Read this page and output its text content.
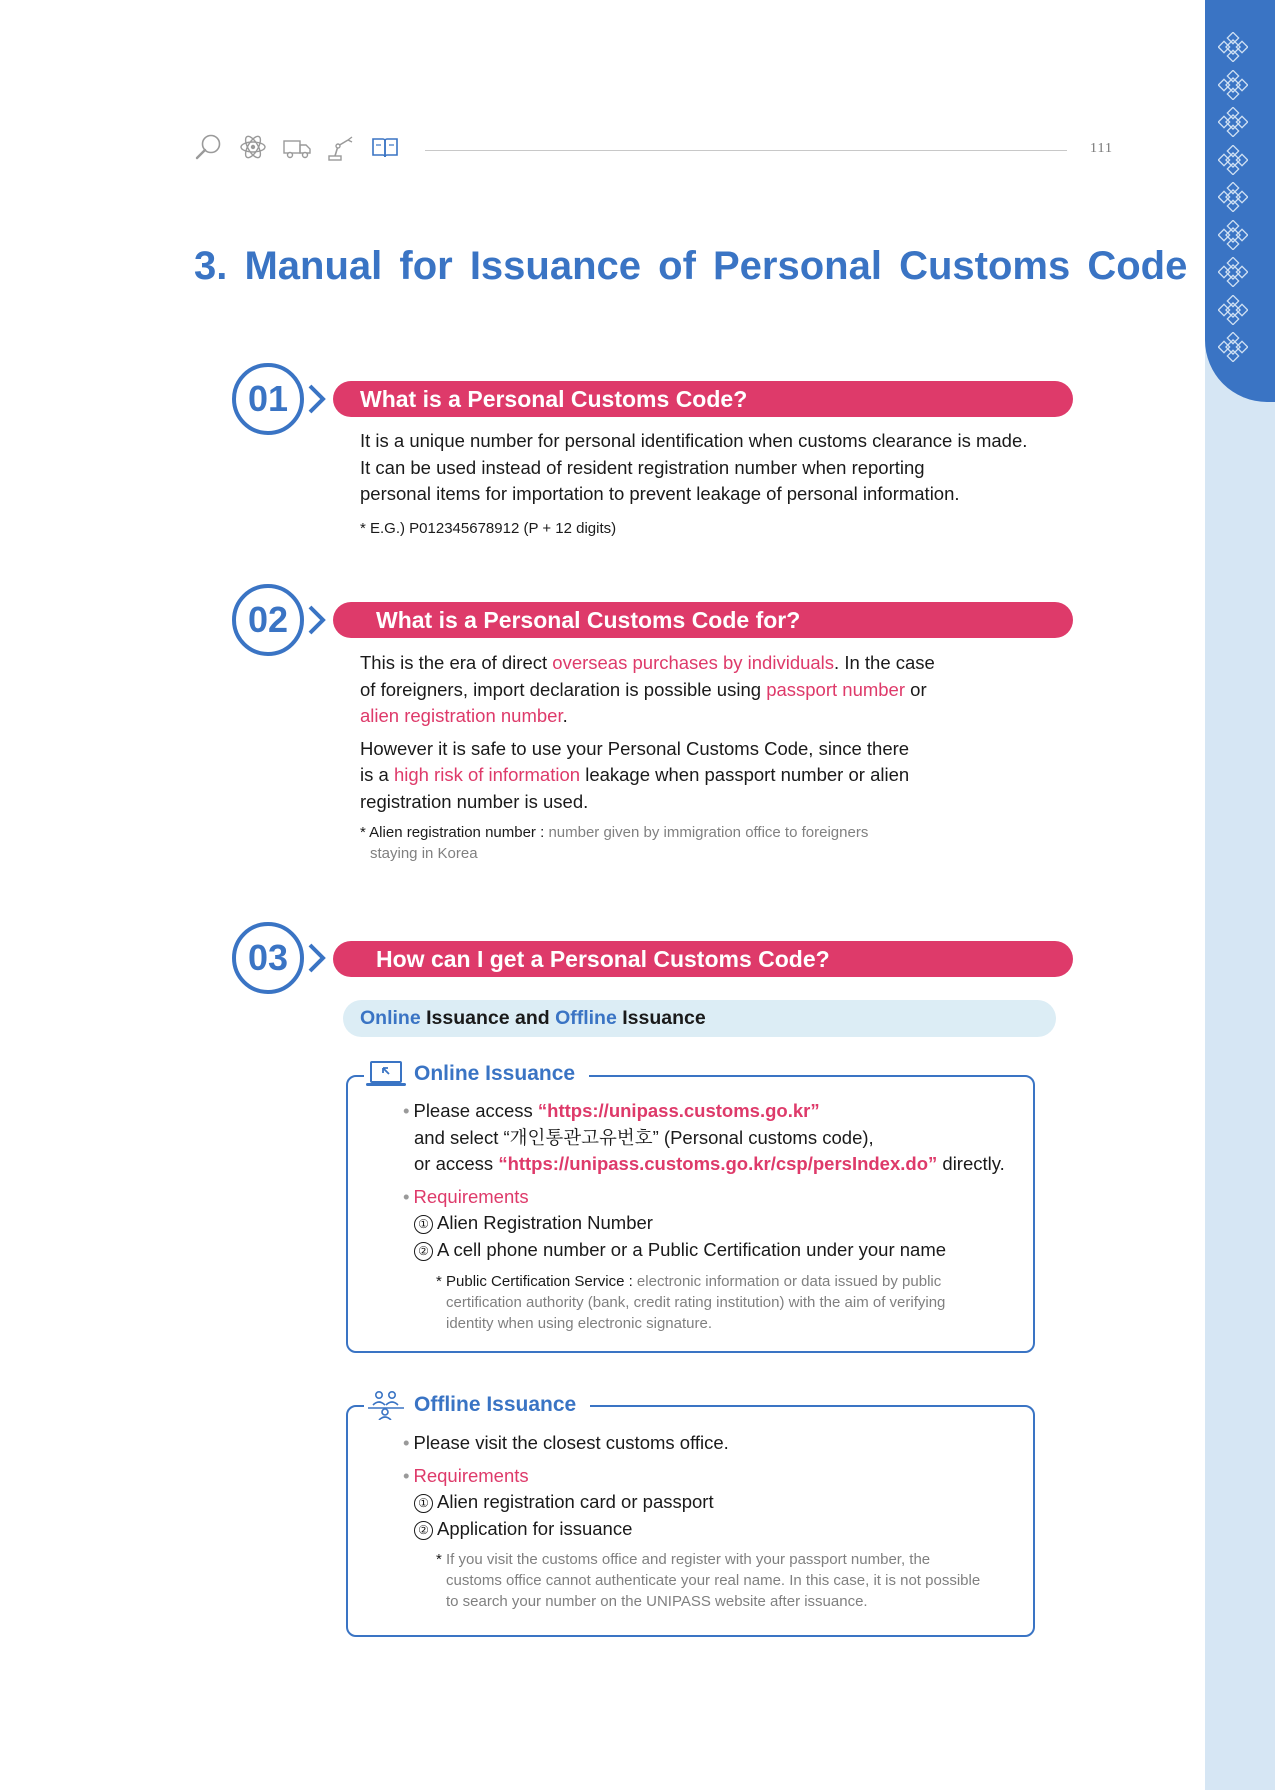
111
3. Manual for Issuance of Personal Customs Code
01	What is a Personal Customs Code?
It is a unique number for personal identification when customs clearance is made.
It can be used instead of resident registration number when reporting
personal items for importation to prevent leakage of personal information.
* E.G.) P012345678912 (P + 12 digits)
02	What is a Personal Customs Code for?
This is the era of direct overseas purchases by individuals. In the case
of foreigners, import declaration is possible using passport number or
alien registration number.
However it is safe to use your Personal Customs Code, since there
is a high risk of information leakage when passport number or alien
registration number is used.
* Alien registration number : number given by immigration office to foreigners
staying in Korea
03	How can I get a Personal Customs Code?
Online Issuance and Offline Issuance
Online Issuance
• Please access “https://unipass.customs.go.kr”
and select “개인통관고유번호” (Personal customs code),
or access “https://unipass.customs.go.kr/csp/persIndex.do” directly.
• Requirements
① Alien Registration Number
② A cell phone number or a Public Certification under your name
* Public Certification Service : electronic information or data issued by public
certification authority (bank, credit rating institution) with the aim of verifying
identity when using electronic signature.
Offline Issuance
• Please visit the closest customs office.
• Requirements
① Alien registration card or passport
② Application for issuance
* If you visit the customs office and register with your passport number, the
customs office cannot authenticate your real name. In this case, it is not possible
to search your number on the UNIPASS website after issuance.
